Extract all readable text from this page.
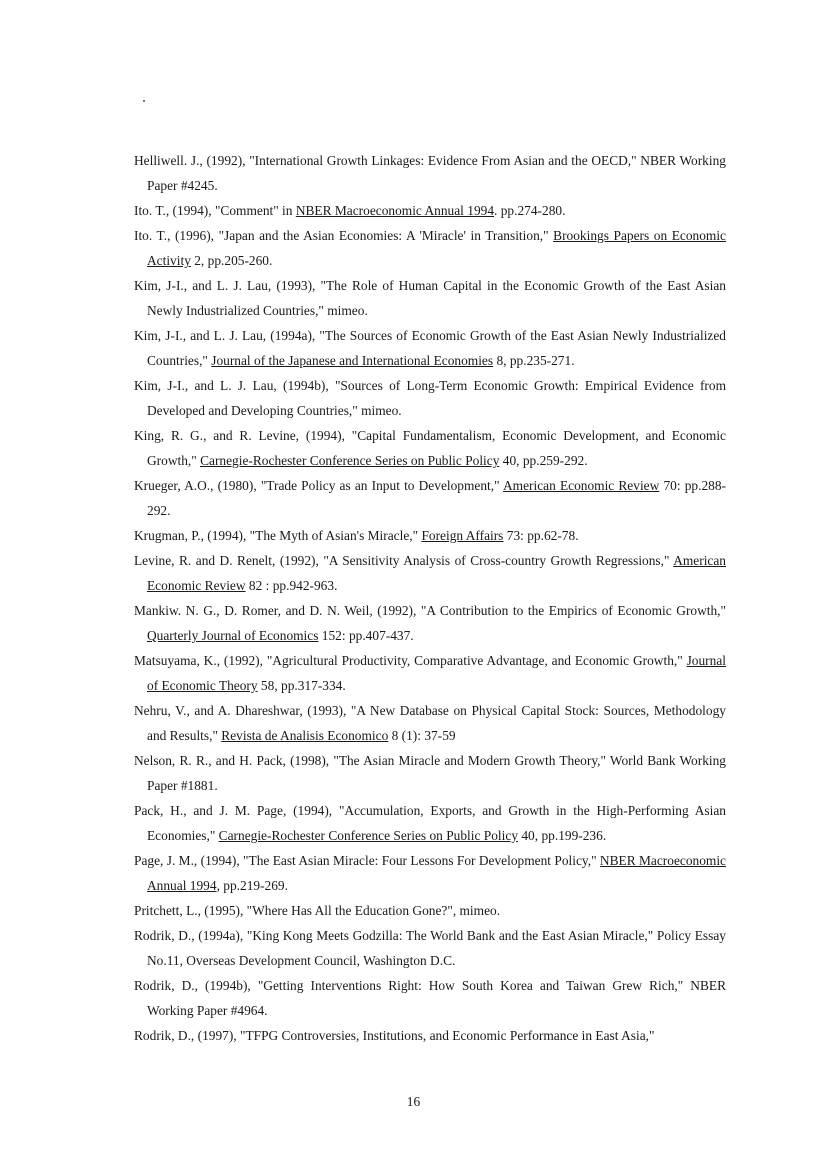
Helliwell. J., (1992), "International Growth Linkages: Evidence From Asian and the OECD," NBER Working Paper #4245.

Ito. T., (1994), "Comment" in NBER Macroeconomic Annual 1994. pp.274-280.

Ito. T., (1996), "Japan and the Asian Economies: A 'Miracle' in Transition," Brookings Papers on Economic Activity 2, pp.205-260.

Kim, J-I., and L. J. Lau, (1993), "The Role of Human Capital in the Economic Growth of the East Asian Newly Industrialized Countries," mimeo.

Kim, J-I., and L. J. Lau, (1994a), "The Sources of Economic Growth of the East Asian Newly Industrialized Countries," Journal of the Japanese and International Economies 8, pp.235-271.

Kim, J-I., and L. J. Lau, (1994b), "Sources of Long-Term Economic Growth: Empirical Evidence from Developed and Developing Countries," mimeo.

King, R. G., and R. Levine, (1994), "Capital Fundamentalism, Economic Development, and Economic Growth," Carnegie-Rochester Conference Series on Public Policy 40, pp.259-292.

Krueger, A.O., (1980), "Trade Policy as an Input to Development," American Economic Review 70: pp.288-292.

Krugman, P., (1994), "The Myth of Asian's Miracle," Foreign Affairs 73: pp.62-78.

Levine, R. and D. Renelt, (1992), "A Sensitivity Analysis of Cross-country Growth Regressions," American Economic Review 82 : pp.942-963.

Mankiw. N. G., D. Romer, and D. N. Weil, (1992), "A Contribution to the Empirics of Economic Growth," Quarterly Journal of Economics 152: pp.407-437.

Matsuyama, K., (1992), "Agricultural Productivity, Comparative Advantage, and Economic Growth," Journal of Economic Theory 58, pp.317-334.

Nehru, V., and A. Dhareshwar, (1993), "A New Database on Physical Capital Stock: Sources, Methodology and Results," Revista de Analisis Economico 8 (1): 37-59

Nelson, R. R., and H. Pack, (1998), "The Asian Miracle and Modern Growth Theory," World Bank Working Paper #1881.

Pack, H., and J. M. Page, (1994), "Accumulation, Exports, and Growth in the High-Performing Asian Economies," Carnegie-Rochester Conference Series on Public Policy 40, pp.199-236.

Page, J. M., (1994), "The East Asian Miracle: Four Lessons For Development Policy," NBER Macroeconomic Annual 1994, pp.219-269.

Pritchett, L., (1995), "Where Has All the Education Gone?", mimeo.

Rodrik, D., (1994a), "King Kong Meets Godzilla: The World Bank and the East Asian Miracle," Policy Essay No.11, Overseas Development Council, Washington D.C.

Rodrik, D., (1994b), "Getting Interventions Right: How South Korea and Taiwan Grew Rich," NBER Working Paper #4964.

Rodrik, D., (1997), "TFPG Controversies, Institutions, and Economic Performance in East Asia,"

16
